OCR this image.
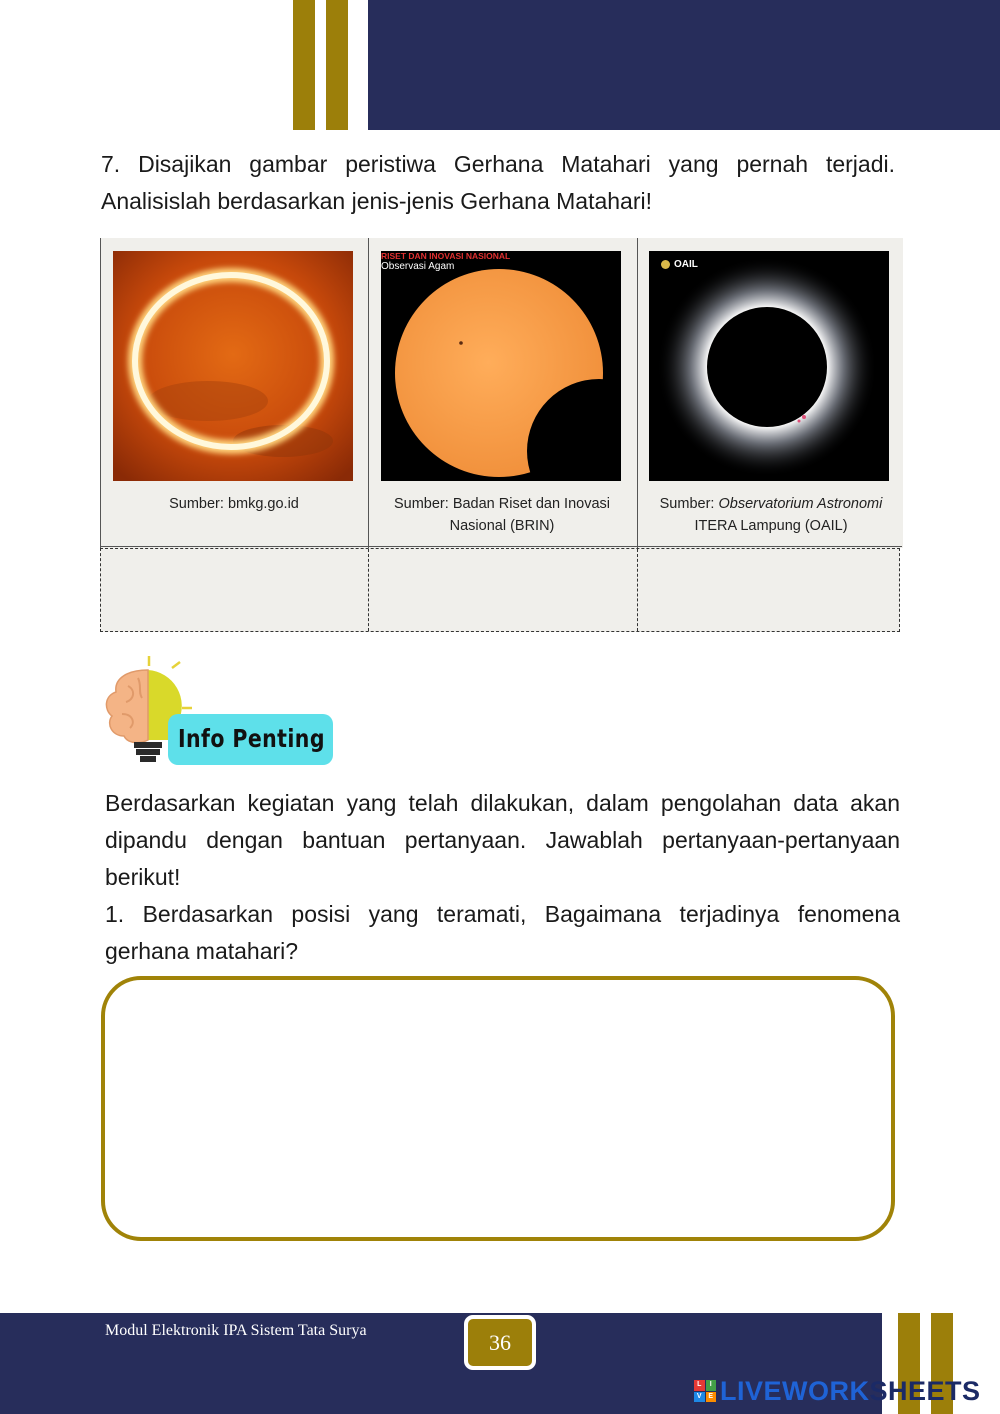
7. Disajikan gambar peristiwa Gerhana Matahari yang pernah terjadi. Analisislah berdasarkan jenis-jenis Gerhana Matahari!
Sumber: bmkg.go.id
RISET DAN INOVASI NASIONAL
Observasi Agam
Sumber: Badan Riset dan Inovasi Nasional (BRIN)
OAIL
Sumber: Observatorium Astronomi
ITERA Lampung (OAIL)
Info Penting

Berdasarkan kegiatan yang telah dilakukan, dalam pengolahan data akan dipandu dengan bantuan pertanyaan. Jawablah pertanyaan-pertanyaan berikut!

1. Berdasarkan posisi yang teramati, Bagaimana terjadinya fenomena gerhana matahari?

Modul Elektronik IPA Sistem Tata Surya	36
L	I
V E LIVEWORK SHEETS
